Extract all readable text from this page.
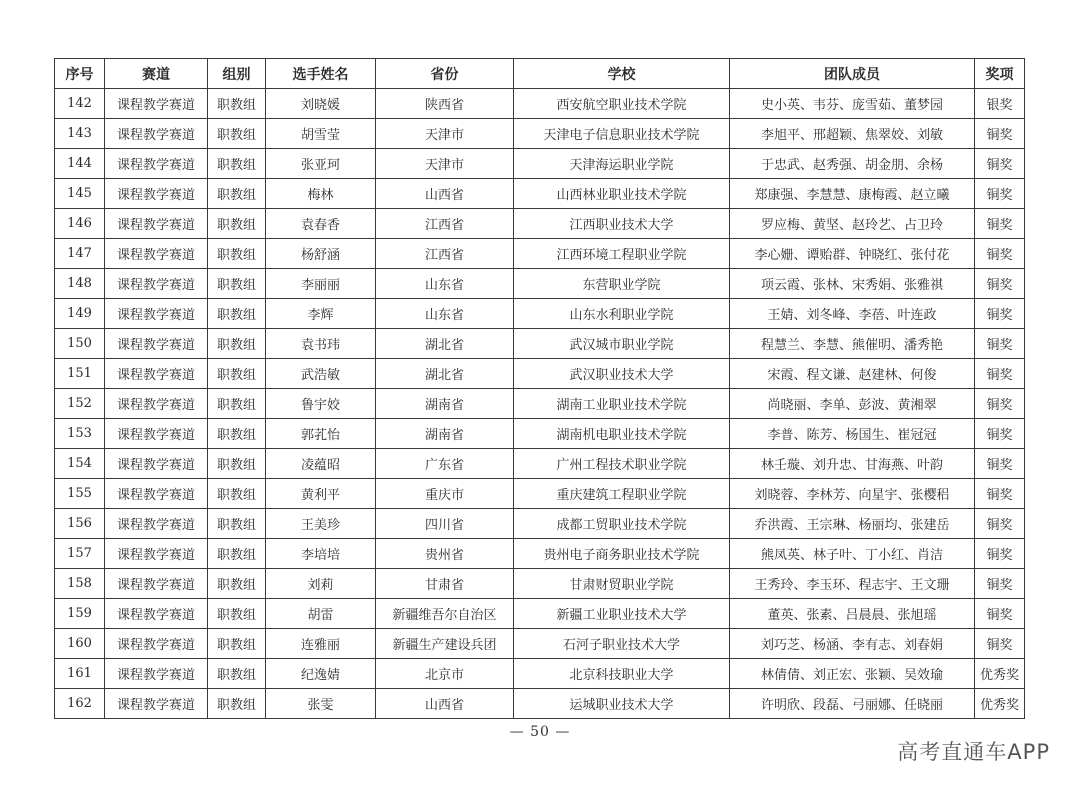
序号	赛道	组别	选手姓名	省份	学校	团队成员	奖项
142	课程教学赛道	职教组	刘晓媛	陕西省	西安航空职业技术学院	史小英、韦芬、庞雪茹、董梦园	银奖
143	课程教学赛道	职教组	胡雪莹	天津市	天津电子信息职业技术学院	李旭平、邢超颖、焦翠姣、刘敏	铜奖
144	课程教学赛道	职教组	张亚珂	天津市	天津海运职业学院	于忠武、赵秀强、胡金朋、余杨	铜奖
145	课程教学赛道	职教组	梅林	山西省	山西林业职业技术学院	郑康强、李慧慧、康梅霞、赵立曦	铜奖
146	课程教学赛道	职教组	袁春香	江西省	江西职业技术大学	罗应梅、黄坚、赵玲艺、占卫玲	铜奖
147	课程教学赛道	职教组	杨舒涵	江西省	江西环境工程职业学院	李心姗、谭贻群、钟晓红、张付花	铜奖
148	课程教学赛道	职教组	李丽丽	山东省	东营职业学院	项云霞、张林、宋秀娟、张雅祺	铜奖
149	课程教学赛道	职教组	李辉	山东省	山东水利职业学院	王婧、刘冬峰、李蓓、叶连政	铜奖
150	课程教学赛道	职教组	袁书玮	湖北省	武汉城市职业学院	程慧兰、李慧、熊催明、潘秀艳	铜奖
151	课程教学赛道	职教组	武浩敏	湖北省	武汉职业技术大学	宋霞、程文谦、赵建林、何俊	铜奖
152	课程教学赛道	职教组	鲁宇姣	湖南省	湖南工业职业技术学院	尚晓丽、李单、彭波、黄湘翠	铜奖
153	课程教学赛道	职教组	郭芤怡	湖南省	湖南机电职业技术学院	李普、陈芳、杨国生、崔冠冠	铜奖
154	课程教学赛道	职教组	凌蕴昭	广东省	广州工程技术职业学院	林壬璇、刘升忠、甘海燕、叶韵	铜奖
155	课程教学赛道	职教组	黄利平	重庆市	重庆建筑工程职业学院	刘晓蓉、李林芳、向星宇、张樱稆	铜奖
156	课程教学赛道	职教组	王美珍	四川省	成都工贸职业技术学院	乔洪霞、王宗琳、杨丽均、张建岳	铜奖
157	课程教学赛道	职教组	李培培	贵州省	贵州电子商务职业技术学院	熊凤英、林子叶、丁小红、肖洁	铜奖
158	课程教学赛道	职教组	刘莉	甘肃省	甘肃财贸职业学院	王秀玲、李玉环、程志宇、王文珊	铜奖
159	课程教学赛道	职教组	胡雷	新疆维吾尔自治区	新疆工业职业技术大学	董英、张素、吕晨晨、张旭瑶	铜奖
160	课程教学赛道	职教组	连雅丽	新疆生产建设兵团	石河子职业技术大学	刘巧芝、杨涵、李有志、刘春娟	铜奖
161	课程教学赛道	职教组	纪逸婧	北京市	北京科技职业大学	林倩倩、刘正宏、张颖、吴效瑜	优秀奖
162	课程教学赛道	职教组	张雯	山西省	运城职业技术大学	许明欣、段磊、弓丽娜、任晓丽	优秀奖
— 50 —
高考直通车APP
